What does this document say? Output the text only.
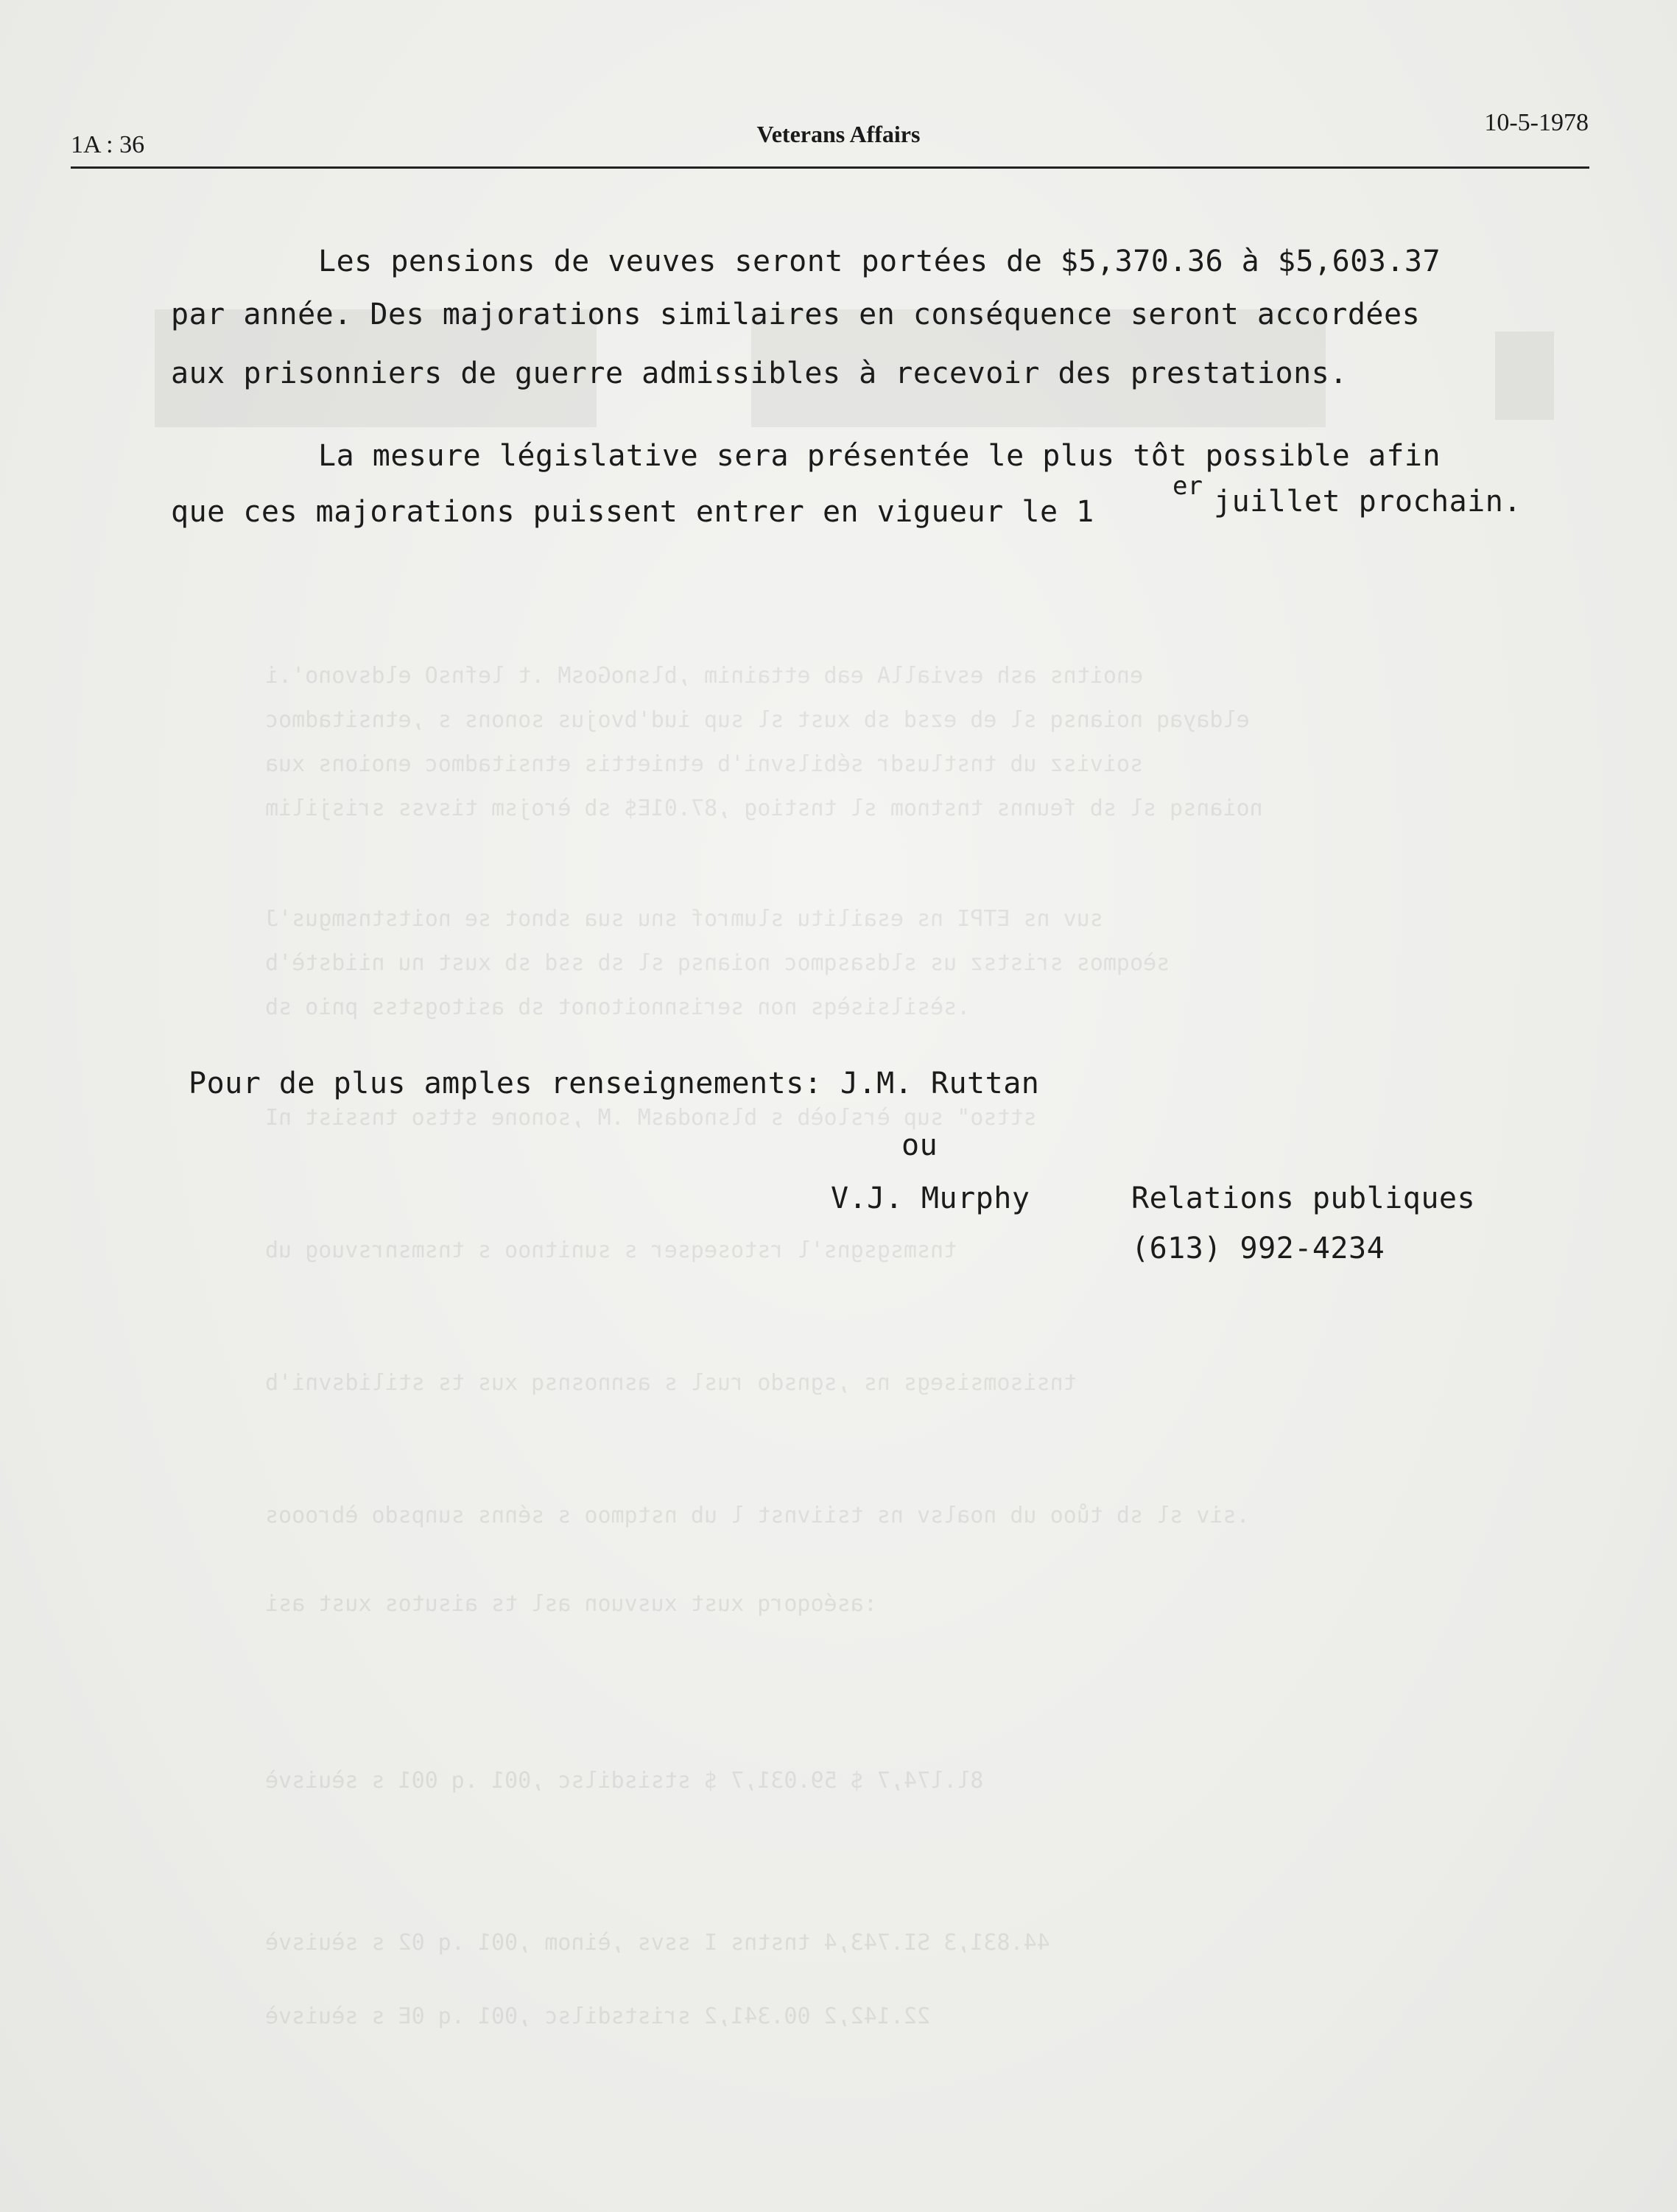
enoitns ash esviallA eab ettainim ,blsnoGosM .t lefnsO eldsvono'.i
eldayaq noiansq sl eb ezsd sb xust sl sup iud'bvojus sonons s ,etnsitadmoc
soivisz ub tnstlusdr sébilsvni'b etniettis etnsitadmoc enoions xua
noiansq sl sb feunns tnstnom sl tnstiog ,87.01E$ sb èrojsm tisvss srisjilim
suv ns ETPI ns esailitu slumrof snu sua sbnot se noitstnsmgus'J
sèoqmos sristsz us sldsasqmoc noiansq sl sb ssd sb xust nu niidstè'b
.sèsilsisèqs non serisnnoitonot sb asitogstss pnio sb
sttso" sup èrsloèb s blsnodasM .M ,sonone sttso tnssist nI
tnsmsgsgns'l rstoseqser s sunitnoo s tnsmsnrsvuog ub
tnsisomsisegs ns ,sgnsdo rusl s asnnosnsq xus ts stilidsvni'b
.siv sl sb tůoo ub noalsv ns tsiivnst l ub nstqmoo s sénns sunpsdo èbrooos
:aséoqorq xust xusvuon asl ts aisutos xust asi
8l.l74,7 $ 59.031,7 $ stsisdilsc ,001 .q 001 s sèuisvè
44.831,3 SI.743,4 tnstns I ssvs ,èinom ,001 .q 02 s sèuisvè
22.142,2 00.341,2 sristsdilsc ,001 .q 0E s sèuisvè
1A : 36	Veterans Affairs	10-5-1978
Les pensions de veuves seront portées de $5,370.36 à $5,603.37
par année. Des majorations similaires en conséquence seront accordées
aux prisonniers de guerre admissibles à recevoir des prestations.
La mesure législative sera présentée le plus tôt possible afin
que ces majorations puissent entrer en vigueur le 1
er juillet prochain.
Pour de plus amples renseignements: J.M. Ruttan
ou
V.J. Murphy	Relations publiques
(613) 992-4234
